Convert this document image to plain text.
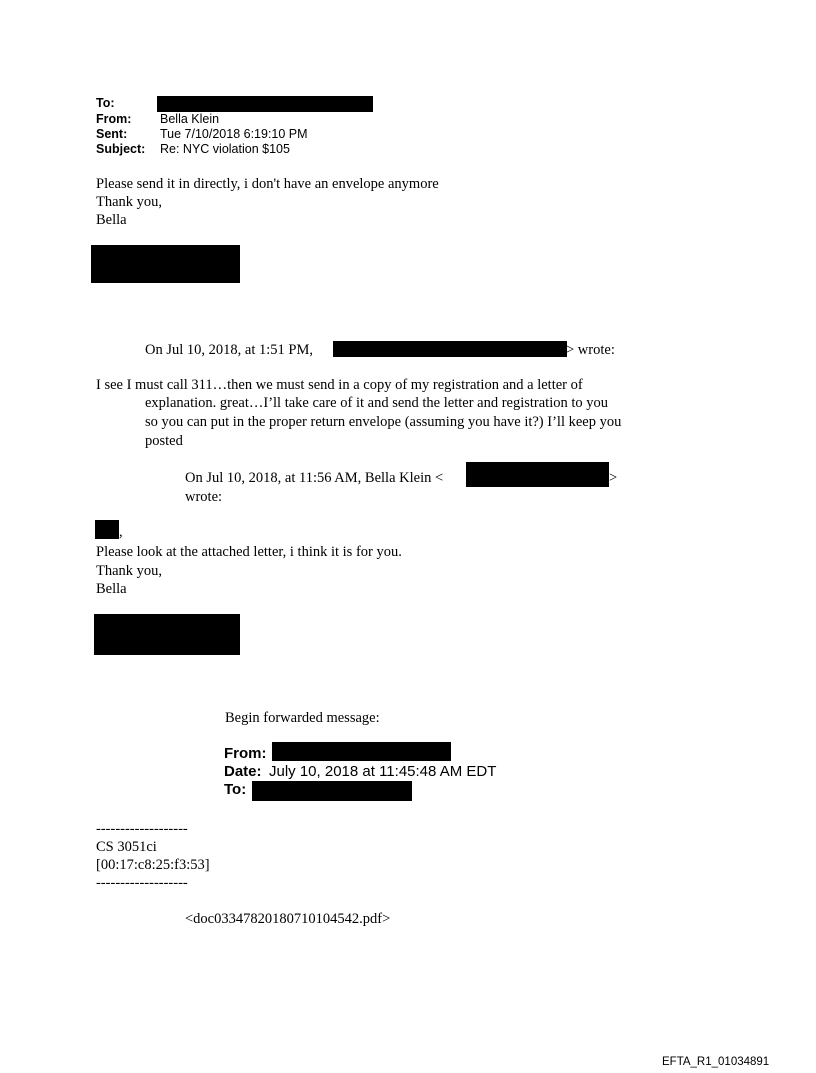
To:
From: Bella Klein
Sent:	Tue 7/10/2018 6:19:10 PM
Subject: Re: NYC violation $105
Please send it in directly, i don't have an envelope anymore
Thank you,
Bella
On Jul 10, 2018, at 1:51 PM,	> wrote:
I see I must call 311…then we must send in a copy of my registration and a letter of
explanation. great…I’ll take care of it and send the letter and registration to you
so you can put in the proper return envelope (assuming you have it?) I’ll keep you
posted
On Jul 10, 2018, at 11:56 AM, Bella Klein <	>
wrote:
,
Please look at the attached letter, i think it is for you.
Thank you,
Bella
Begin forwarded message:
From:
Date: July 10, 2018 at 11:45:48 AM EDT
To:
-------------------
CS 3051ci
[00:17:c8:25:f3:53]
-------------------
<doc03347820180710104542.pdf>
EFTA_R1_01034891
